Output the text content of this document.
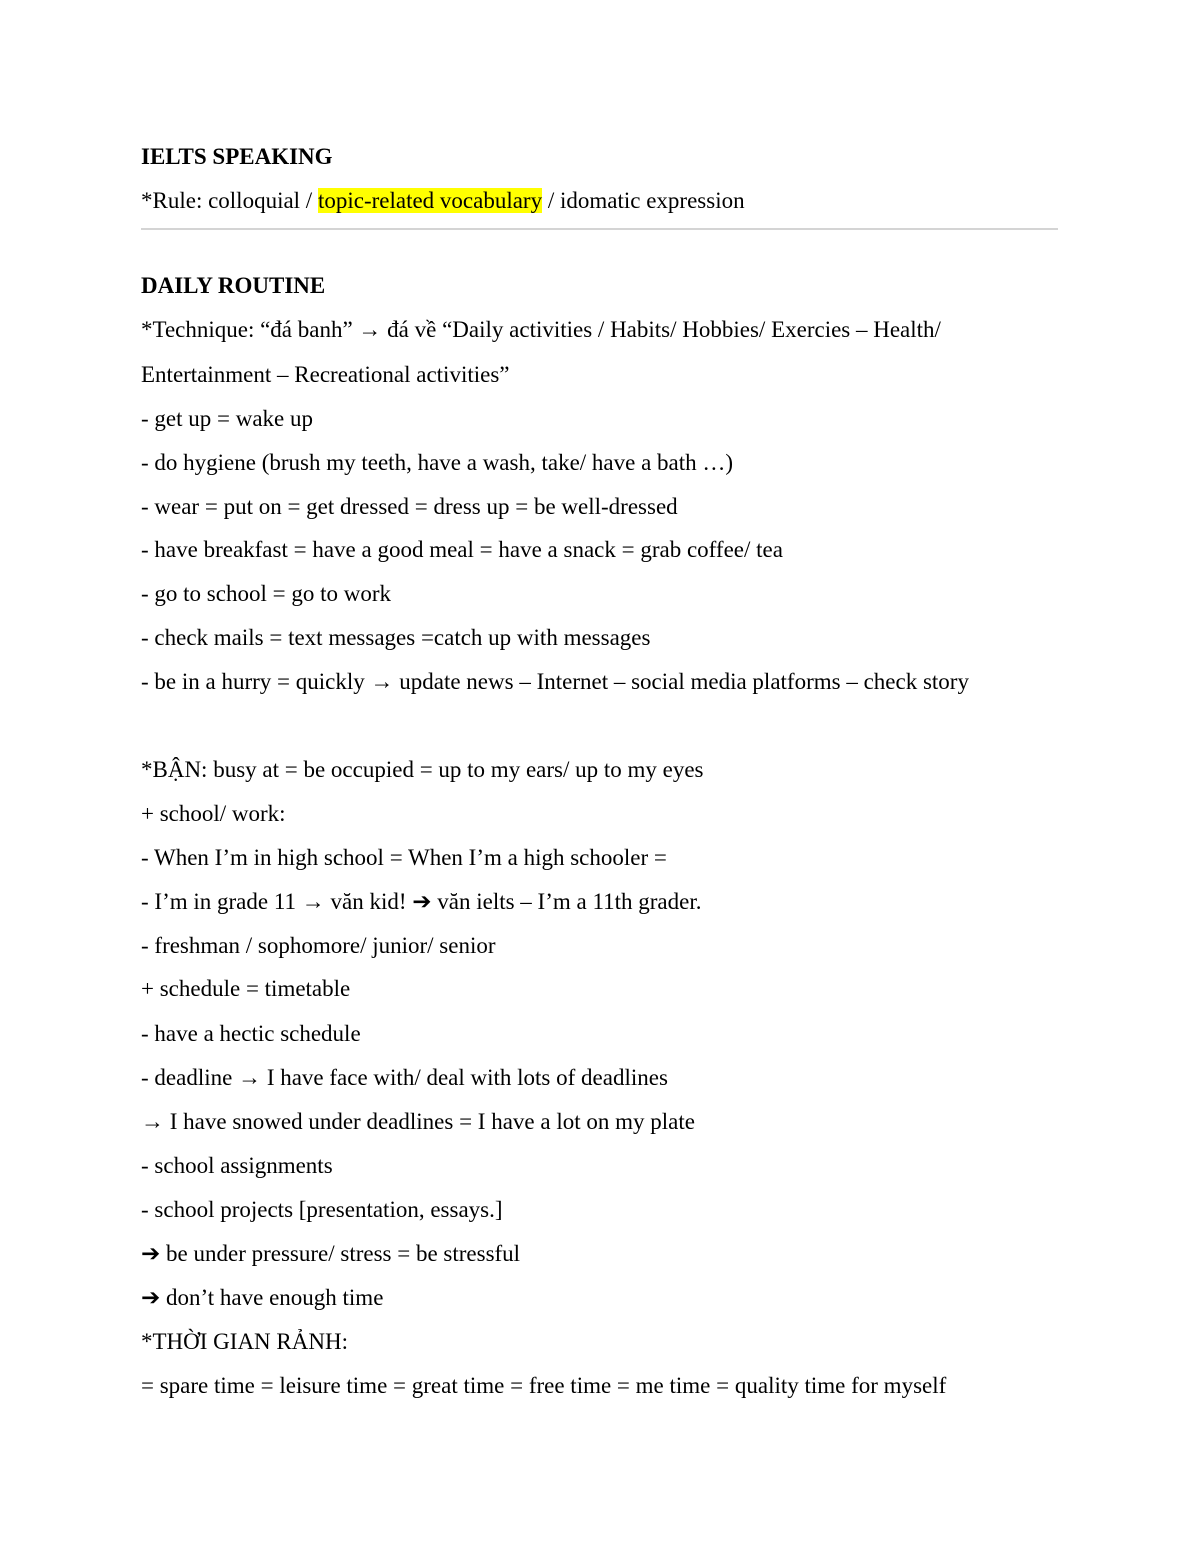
IELTS SPEAKING
*Rule: colloquial / topic-related vocabulary / idomatic expression
DAILY ROUTINE
*Technique: “đá banh” → đá về “Daily activities / Habits/ Hobbies/ Exercies – Health/
Entertainment – Recreational activities”
- get up = wake up
- do hygiene (brush my teeth, have a wash, take/ have a bath …)
- wear = put on = get dressed = dress up = be well-dressed
- have breakfast = have a good meal = have a snack = grab coffee/ tea
- go to school = go to work
- check mails = text messages =catch up with messages
- be in a hurry = quickly → update news – Internet – social media platforms – check story
*BẬN: busy at = be occupied = up to my ears/ up to my eyes
+ school/ work:
- When I’m in high school = When I’m a high schooler =
- I’m in grade 11 → văn kid! ➔ văn ielts – I’m a 11th grader.
- freshman / sophomore/ junior/ senior
+ schedule = timetable
- have a hectic schedule
- deadline → I have face with/ deal with lots of deadlines
→ I have snowed under deadlines = I have a lot on my plate
- school assignments
- school projects [presentation, essays.]
➔ be under pressure/ stress = be stressful
➔ don’t have enough time
*THỜI GIAN RẢNH:
= spare time = leisure time = great time = free time = me time = quality time for myself
